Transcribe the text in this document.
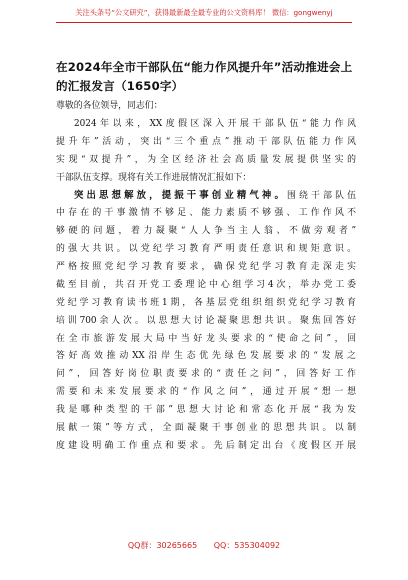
关注头条号“公文研究”，获得最新最全最专业的公文资料库！ 微信：gongwenyj
在2024年全市干部队伍“能力作风提升年”活动推进会上
的汇报发言（1650字）
尊敬的各位领导，同志们：
2024年以来，XX度假区深入开展干部队伍“能力作风
提升年”活动，突出“三个重点”推动干部队伍能力作风
实现“双提升”，为全区经济社会高质量发展提供坚实的
干部队伍支撑。现将有关工作进展情况汇报如下：
突出思想解放，提振干事创业精气神。围绕干部队伍
中存在的干事激情不够足、能力素质不够强、工作作风不
够硬的问题，着力凝聚“人人争当主人翁、不做旁观者”
的强大共识。以党纪学习教育严明责任意识和规矩意识。
严格按照党纪学习教育要求，确保党纪学习教育走深走实
截至目前，共召开党工委理论中心组学习4次，举办党工委
党纪学习教育读书班1期，各基层党组织组织党纪学习教育
培训700余人次。以思想大讨论凝聚思想共识。聚焦回答好
在全市旅游发展大局中当好龙头要求的“使命之问”，回
答好高效推动XX沿岸生态优先绿色发展要求的“发展之
问”，回答好岗位职责要求的“责任之问”，回答好工作
需要和未来发展要求的“作风之问”，通过开展“想一想
我是哪种类型的干部”思想大讨论和常态化开展“我为发
展献一策”等方式，全面凝聚干事创业的思想共识。以制
度建设明确工作重点和要求。先后制定出台《度假区开展
QQ群：30265665 QQ：535304092
